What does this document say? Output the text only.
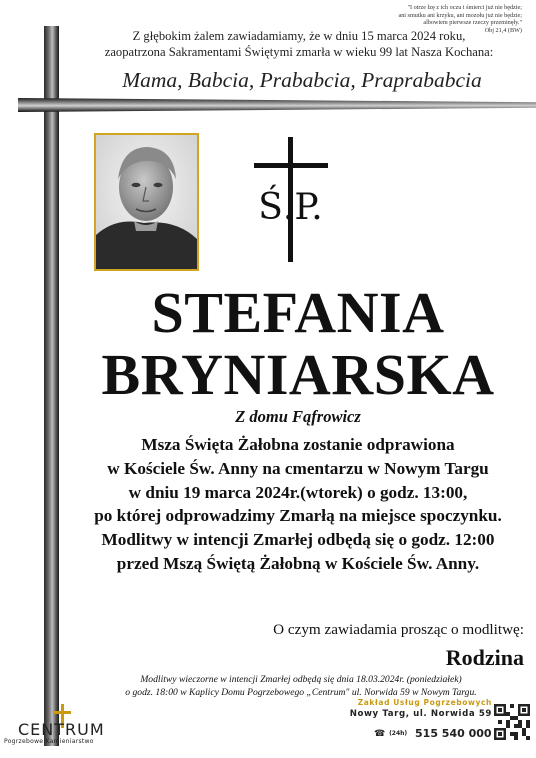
"I otrze łzę z ich oczu i śmierci już nie będzie;
ani smutku ani krzyku, ani mozołu już nie będzie;
albowiem pierwsze rzeczy przeminęły."
Obj 21,4 (BW)
Z głębokim żalem zawiadamiamy, że w dniu 15 marca 2024 roku,
zaopatrzona Sakramentami Świętymi zmarła w wieku 99 lat Nasza Kochana:
Mama, Babcia, Prababcia, Praprababcia
Ś.P.
STEFANIA
BRYNIARSKA
Z domu Fąfrowicz
Msza Święta Żałobna zostanie odprawiona
w Kościele Św. Anny na cmentarzu w Nowym Targu
w dniu 19 marca 2024r.(wtorek) o godz. 13:00,
po której odprowadzimy Zmarłą na miejsce spoczynku.
Modlitwy w intencji Zmarłej odbędą się o godz. 12:00
przed Mszą Świętą Żałobną w Kościele Św. Anny.
O czym zawiadamia prosząc o modlitwę:
Rodzina
Modlitwy wieczorne w intencji Zmarłej odbędą się dnia 18.03.2024r. (poniedziałek)
o godz. 18:00 w Kaplicy Domu Pogrzebowego „Centrum" ul. Norwida 59 w Nowym Targu.
CENTRUM
Pogrzebowe Kamieniarstwo
Zakład Usług Pogrzebowych
Nowy Targ, ul. Norwida 59
☎ (24h) 515 540 000
